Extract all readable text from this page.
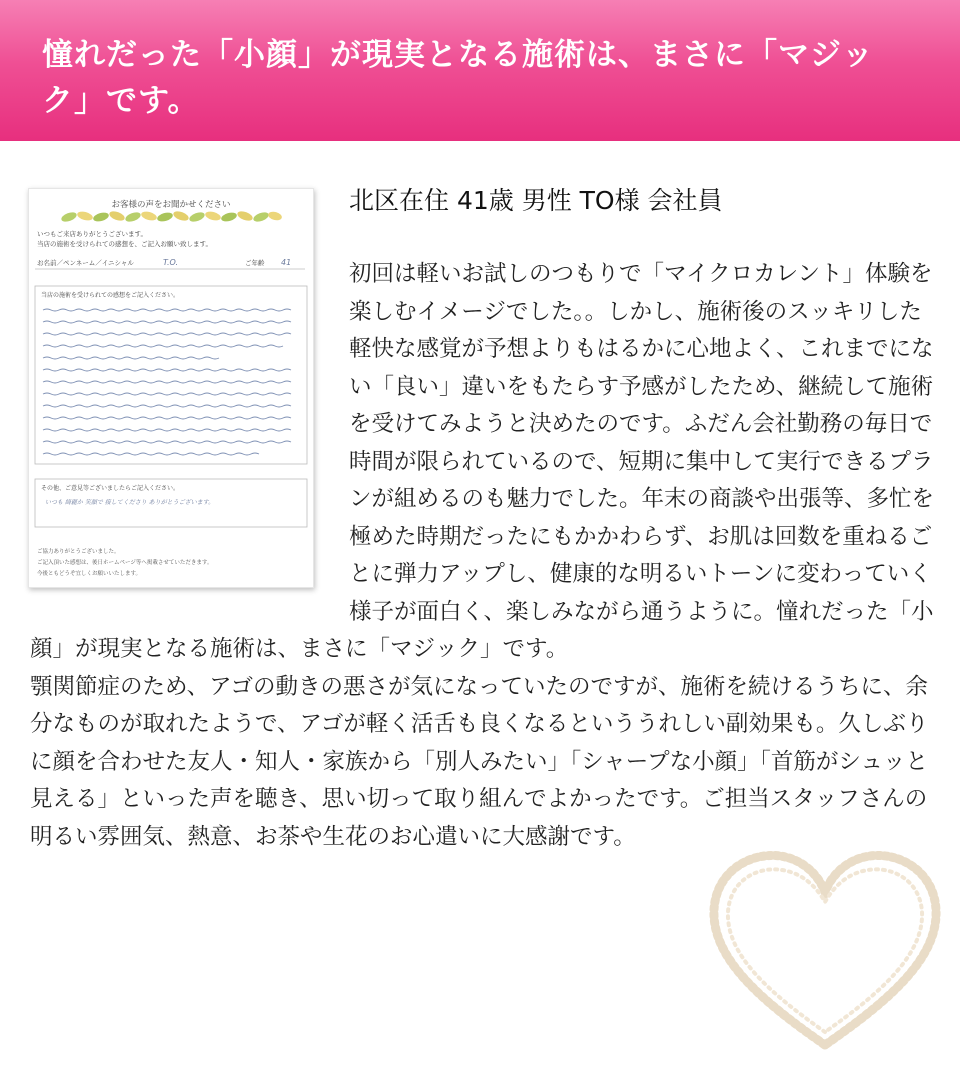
憧れだった「小顔」が現実となる施術は、まさに「マジック」です。
お客様の声をお聞かせください
いつもご来店ありがとうございます。
当店の施術を受けられての感想を、ご記入お願い致します。
お名前／ペンネーム／イニシャル	T.O.	ご年齢 41
当店の施術を受けられての感想をご記入ください。
その他、ご意見等ございましたらご記入ください。
いつも 綺麗か 笑顔で 接してくださり ありがとうございます。
ご協力ありがとうございました。
ご記入頂いた感想は、後日ホームページ等へ掲載させていただきます。
今後ともどうぞ宜しくお願いいたします。
北区在住 41歳 男性 TO様 会社員

初回は軽いお試しのつもりで「マイクロカレント」体験を楽しむイメージでした。。しかし、施術後のスッキリした軽快な感覚が予想よりもはるかに心地よく、これまでにない「良い」違いをもたらす予感がしたため、継続して施術を受けてみようと決めたのです。ふだん会社勤務の毎日で時間が限られているので、短期に集中して実行できるプランが組めるのも魅力でした。年末の商談や出張等、多忙を極めた時期だったにもかかわらず、お肌は回数を重ねるごとに弾力アップし、健康的な明るいトーンに変わっていく様子が面白く、楽しみながら通うように。憧れだった「小顔」が現実となる施術は、まさに「マジック」です。

顎関節症のため、アゴの動きの悪さが気になっていたのですが、施術を続けるうちに、余分なものが取れたようで、アゴが軽く活舌も良くなるといううれしい副効果も。久しぶりに顔を合わせた友人・知人・家族から「別人みたい」「シャープな小顔」「首筋がシュッと見える」といった声を聴き、思い切って取り組んでよかったです。ご担当スタッフさんの明るい雰囲気、熱意、お茶や生花のお心遣いに大感謝です。
